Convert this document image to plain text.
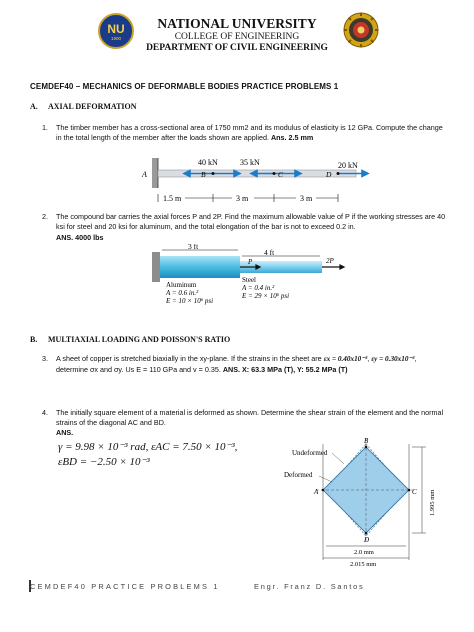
NU
1900
NATIONAL UNIVERSITY
COLLEGE OF ENGINEERING
DEPARTMENT OF CIVIL ENGINEERING
CEMDEF40 – MECHANICS OF DEFORMABLE BODIES PRACTICE PROBLEMS 1
A. AXIAL DEFORMATION
1. The timber member has a cross-sectional area of 1750 mm2 and its modulus of elasticity is 12 GPa. Compute the change in the total length of the member after the loads shown are applied. Ans. 2.5 mm
A	B	C	D
40 kN	35 kN	20 kN
1.5 m	3 m	3 m
2. The compound bar carries the axial forces P and 2P. Find the maximum allowable value of P if the working stresses are 40 ksi for steel and 20 ksi for aluminum, and the total elongation of the bar is not to exceed 0.2 in.
ANS. 4000 lbs
3 ft
4 ft
P	2P
Aluminum
A = 0.6 in.²
E = 10 × 10⁶ psi
Steel
A = 0.4 in.²
E = 29 × 10⁶ psi
B. MULTIAXIAL LOADING AND POISSON'S RATIO
3. A sheet of copper is stretched biaxially in the xy-plane. If the strains in the sheet are εx = 0.40x10⁻³, εy = 0.30x10⁻³,
determine σx and σy. Us E = 110 GPa and v = 0.35. ANS. X: 63.3 MPa (T), Y: 55.2 MPa (T)
4. The initially square element of a material is deformed as shown. Determine the shear strain of the element and the normal strains of the diagonal AC and BD.
ANS.
γ = 9.98 × 10⁻³ rad, εAC = 7.50 × 10⁻³,
εBD = −2.50 × 10⁻³
B
C
D
A
Undeformed
Deformed
2.0 mm
2.015 mm
1.995 mm
CEMDEF40 PRACTICE PROBLEMS 1	Engr. Franz D. Santos
